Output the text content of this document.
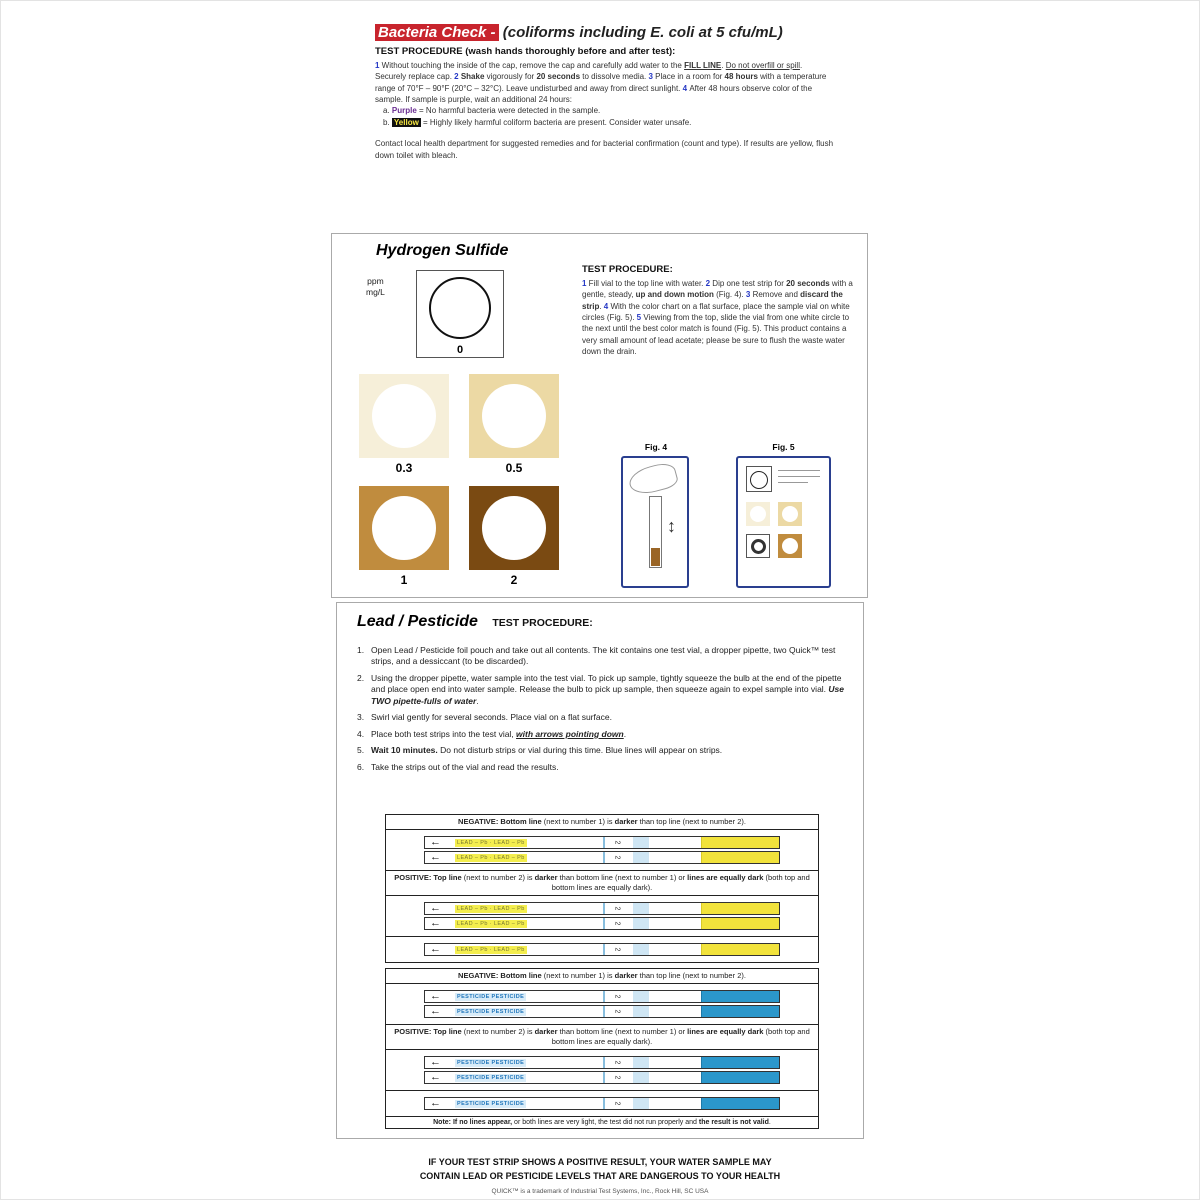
Bacteria Check - (coliforms including E. coli at 5 cfu/mL)
TEST PROCEDURE (wash hands thoroughly before and after test):

1 Without touching the inside of the cap, remove the cap and carefully add water to the FILL LINE. Do not overfill or spill. Securely replace cap. 2 Shake vigorously for 20 seconds to dissolve media. 3 Place in a room for 48 hours with a temperature range of 70°F – 90°F (20°C – 32°C). Leave undisturbed and away from direct sunlight. 4 After 48 hours observe color of the sample. If sample is purple, wait an additional 24 hours:

a. Purple = No harmful bacteria were detected in the sample.

b. Yellow = Highly likely harmful coliform bacteria are present. Consider water unsafe.

Contact local health department for suggested remedies and for bacterial confirmation (count and type). If results are yellow, flush down toilet with bleach.

Hydrogen Sulfide
ppm
mg/L
0
0.3	0.5
1	2
TEST PROCEDURE:

1 Fill vial to the top line with water. 2 Dip one test strip for 20 seconds with a gentle, steady, up and down motion (Fig. 4). 3 Remove and discard the strip. 4 With the color chart on a flat surface, place the sample vial on white circles (Fig. 5). 5 Viewing from the top, slide the vial from one white circle to the next until the best color match is found (Fig. 5). This product contains a very small amount of lead acetate; please be sure to flush the waste water down the drain.

Fig. 4
↕
Fig. 5
Lead / Pesticide TEST PROCEDURE:
1. Open Lead / Pesticide foil pouch and take out all contents. The kit contains one test vial, a dropper pipette, two Quick™ test strips, and a dessiccant (to be discarded).
2. Using the dropper pipette, water sample into the test vial. To pick up sample, tightly squeeze the bulb at the end of the pipette and place open end into water sample. Release the bulb to pick up sample, then squeeze again to expel sample into vial. Use TWO pipette-fulls of water.
3. Swirl vial gently for several seconds. Place vial on a flat surface.
4. Place both test strips into the test vial, with arrows pointing down.
5. Wait 10 minutes. Do not disturb strips or vial during this time. Blue lines will appear on strips.
6. Take the strips out of the vial and read the results.
NEGATIVE: Bottom line (next to number 1) is darker than top line (next to number 2).
←	LEAD – Pb · LEAD – Pb	2
←	LEAD – Pb · LEAD – Pb	2
POSITIVE: Top line (next to number 2) is darker than bottom line (next to number 1) or lines are equally dark (both top and bottom lines are equally dark).
←	LEAD – Pb · LEAD – Pb	2
←	LEAD – Pb · LEAD – Pb	2
←	LEAD – Pb · LEAD – Pb	2
NEGATIVE: Bottom line (next to number 1) is darker than top line (next to number 2).
←	PESTICIDE PESTICIDE	2
←	PESTICIDE PESTICIDE	2
POSITIVE: Top line (next to number 2) is darker than bottom line (next to number 1) or lines are equally dark (both top and bottom lines are equally dark).
←	PESTICIDE PESTICIDE	2
←	PESTICIDE PESTICIDE	2
←	PESTICIDE PESTICIDE	2
Note: If no lines appear, or both lines are very light, the test did not run properly and the result is not valid.
IF YOUR TEST STRIP SHOWS A POSITIVE RESULT, YOUR WATER SAMPLE MAY
CONTAIN LEAD OR PESTICIDE LEVELS THAT ARE DANGEROUS TO YOUR HEALTH
QUICK™ is a trademark of Industrial Test Systems, Inc., Rock Hill, SC USA
